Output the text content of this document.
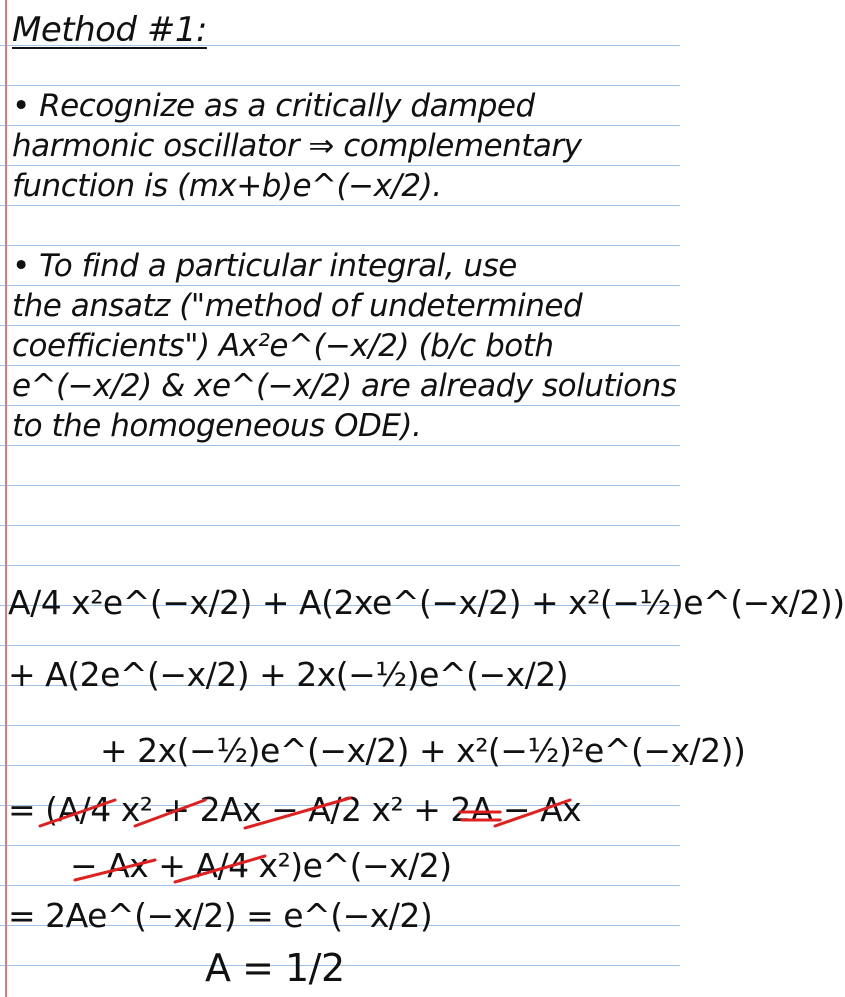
Method #1:
• Recognize as a critically damped
harmonic oscillator ⇒ complementary
function is (mx+b)e^(−x/2).
• To find a particular integral, use
the ansatz ("method of undetermined
coefficients") Ax²e^(−x/2) (b/c both
e^(−x/2) & xe^(−x/2) are already solutions
to the homogeneous ODE).
A/4 x²e^(−x/2) + A(2xe^(−x/2) + x²(−½)e^(−x/2))
+ A(2e^(−x/2) + 2x(−½)e^(−x/2)
+ 2x(−½)e^(−x/2) + x²(−½)²e^(−x/2))
= (A/4 x² + 2Ax − A/2 x² + 2A − Ax
− Ax + A/4 x²)e^(−x/2)
= 2Ae^(−x/2) = e^(−x/2)
A = 1/2
